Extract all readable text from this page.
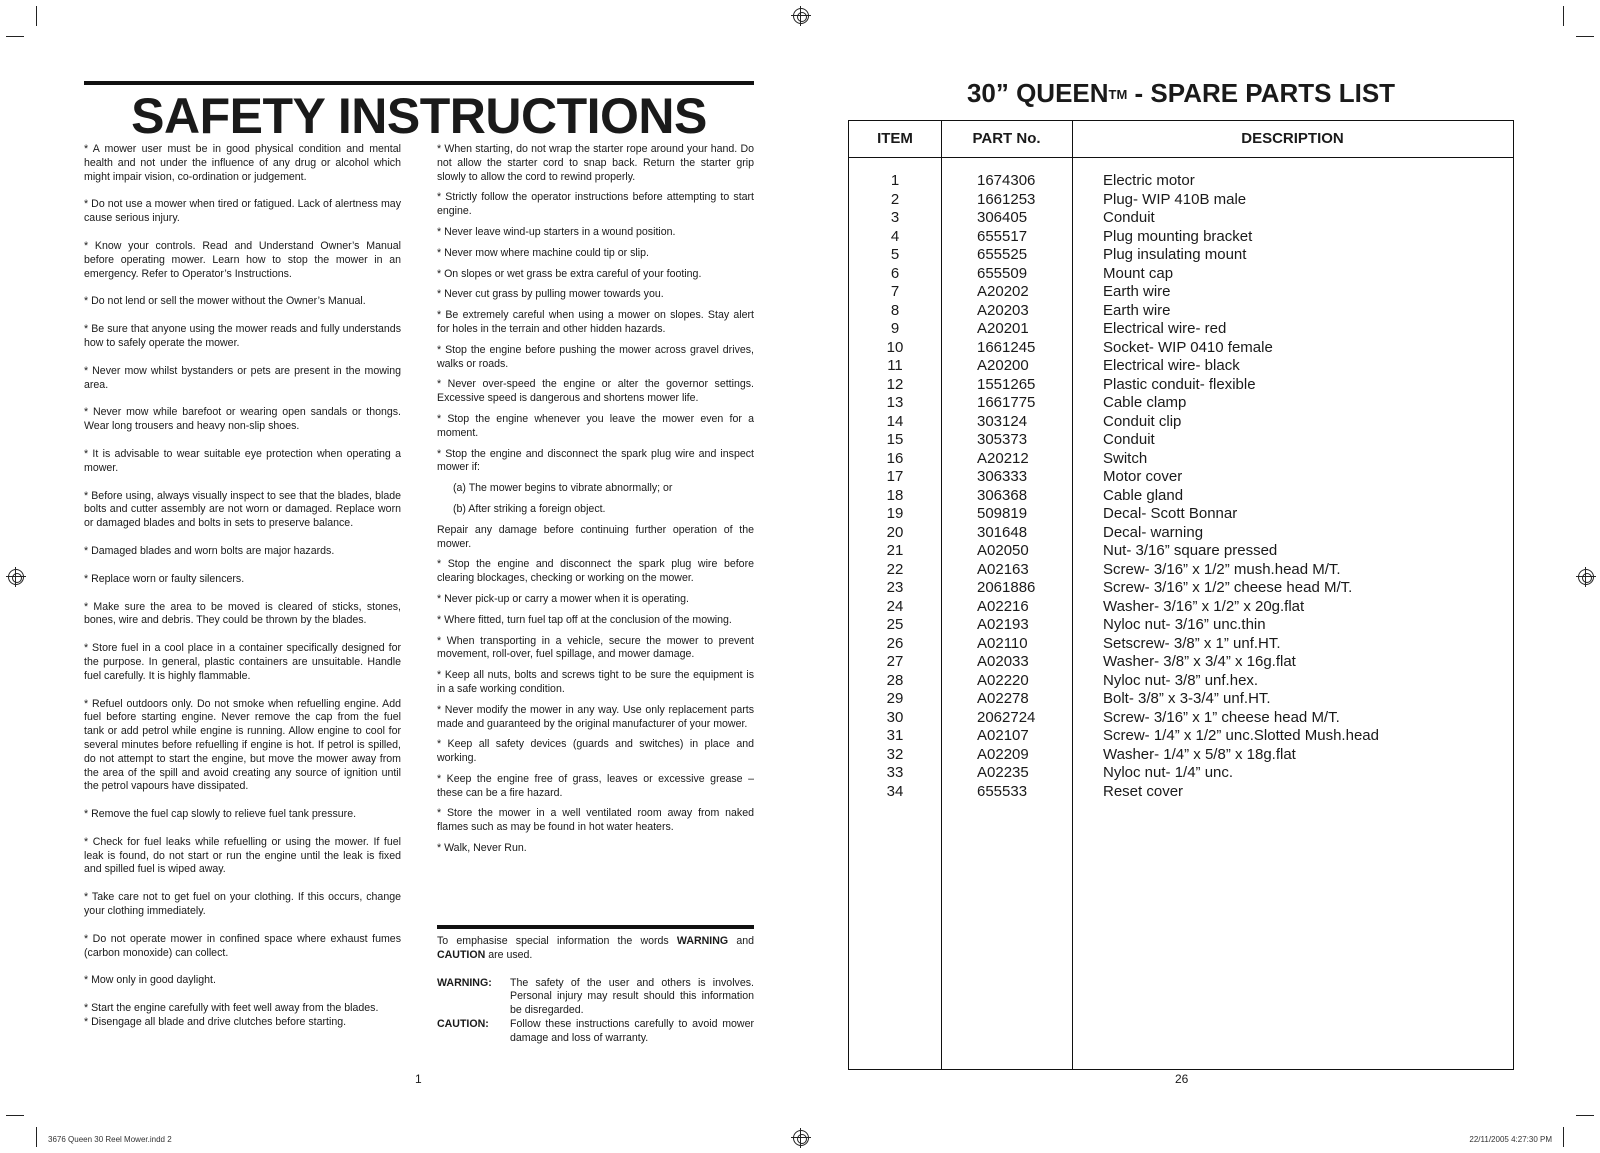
SAFETY INSTRUCTIONS

* A mower user must be in good physical condition and mental health and not under the influence of any drug or alcohol which might impair vision, co-ordination or judgement.

* Do not use a mower when tired or fatigued. Lack of alertness may cause serious injury.

* Know your controls. Read and Understand Owner’s Manual before operating mower. Learn how to stop the mower in an emergency. Refer to Operator’s Instructions.

* Do not lend or sell the mower without the Owner’s Manual.

* Be sure that anyone using the mower reads and fully understands how to safely operate the mower.

* Never mow whilst bystanders or pets are present in the mowing area.

* Never mow while barefoot or wearing open sandals or thongs. Wear long trousers and heavy non-slip shoes.

* It is advisable to wear suitable eye protection when operating a mower.

* Before using, always visually inspect to see that the blades, blade bolts and cutter assembly are not worn or damaged. Replace worn or damaged blades and bolts in sets to preserve balance.

* Damaged blades and worn bolts are major hazards.

* Replace worn or faulty silencers.

* Make sure the area to be moved is cleared of sticks, stones, bones, wire and debris. They could be thrown by the blades.

* Store fuel in a cool place in a container specifically designed for the purpose. In general, plastic containers are unsuitable. Handle fuel carefully. It is highly flammable.

* Refuel outdoors only. Do not smoke when refuelling engine. Add fuel before starting engine. Never remove the cap from the fuel tank or add petrol while engine is running. Allow engine to cool for several minutes before refuelling if engine is hot. If petrol is spilled, do not attempt to start the engine, but move the mower away from the area of the spill and avoid creating any source of ignition until the petrol vapours have dissipated.

* Remove the fuel cap slowly to relieve fuel tank pressure.

* Check for fuel leaks while refuelling or using the mower. If fuel leak is found, do not start or run the engine until the leak is fixed and spilled fuel is wiped away.

* Take care not to get fuel on your clothing. If this occurs, change your clothing immediately.

* Do not operate mower in confined space where exhaust fumes (carbon monoxide) can collect.

* Mow only in good daylight.

* Start the engine carefully with feet well away from the blades.

* Disengage all blade and drive clutches before starting.

* When starting, do not wrap the starter rope around your hand. Do not allow the starter cord to snap back. Return the starter grip slowly to allow the cord to rewind properly.

* Strictly follow the operator instructions before attempting to start engine.

* Never leave wind-up starters in a wound position.

* Never mow where machine could tip or slip.

* On slopes or wet grass be extra careful of your footing.

* Never cut grass by pulling mower towards you.

* Be extremely careful when using a mower on slopes. Stay alert for holes in the terrain and other hidden hazards.

* Stop the engine before pushing the mower across gravel drives, walks or roads.

* Never over-speed the engine or alter the governor settings. Excessive speed is dangerous and shortens mower life.

* Stop the engine whenever you leave the mower even for a moment.

* Stop the engine and disconnect the spark plug wire and inspect mower if:

(a) The mower begins to vibrate abnormally; or

(b) After striking a foreign object.

Repair any damage before continuing further operation of the mower.

* Stop the engine and disconnect the spark plug wire before clearing blockages, checking or working on the mower.

* Never pick-up or carry a mower when it is operating.

* Where fitted, turn fuel tap off at the conclusion of the mowing.

* When transporting in a vehicle, secure the mower to prevent movement, roll-over, fuel spillage, and mower damage.

* Keep all nuts, bolts and screws tight to be sure the equipment is in a safe working condition.

* Never modify the mower in any way. Use only replacement parts made and guaranteed by the original manufacturer of your mower.

* Keep all safety devices (guards and switches) in place and working.

* Keep the engine free of grass, leaves or excessive grease – these can be a fire hazard.

* Store the mower in a well ventilated room away from naked flames such as may be found in hot water heaters.

* Walk, Never Run.

To emphasise special information the words WARNING and CAUTION are used.

WARNING:	The safety of the user and others is involves. Personal injury may result should this information be disregarded.
CAUTION:	Follow these instructions carefully to avoid mower damage and loss of warranty.
1
30” QUEEN™ - SPARE PARTS LIST
ITEM	PART No.	DESCRIPTION
1	1674306	Electric motor
2	1661253	Plug- WIP 410B male
3	306405	Conduit
4	655517	Plug mounting bracket
5	655525	Plug insulating mount
6	655509	Mount cap
7	A20202	Earth wire
8	A20203	Earth wire
9	A20201	Electrical wire- red
10	1661245	Socket- WIP 0410 female
11	A20200	Electrical wire- black
12	1551265	Plastic conduit- flexible
13	1661775	Cable clamp
14	303124	Conduit clip
15	305373	Conduit
16	A20212	Switch
17	306333	Motor cover
18	306368	Cable gland
19	509819	Decal- Scott Bonnar
20	301648	Decal- warning
21	A02050	Nut- 3/16” square pressed
22	A02163	Screw- 3/16” x 1/2” mush.head M/T.
23	2061886	Screw- 3/16” x 1/2” cheese head M/T.
24	A02216	Washer- 3/16” x 1/2” x 20g.flat
25	A02193	Nyloc nut- 3/16” unc.thin
26	A02110	Setscrew- 3/8” x 1” unf.HT.
27	A02033	Washer- 3/8” x 3/4” x 16g.flat
28	A02220	Nyloc nut- 3/8” unf.hex.
29	A02278	Bolt- 3/8” x 3-3/4” unf.HT.
30	2062724	Screw- 3/16” x 1” cheese head M/T.
31	A02107	Screw- 1/4” x 1/2” unc.Slotted Mush.head
32	A02209	Washer- 1/4” x 5/8” x 18g.flat
33	A02235	Nyloc nut- 1/4” unc.
34	655533	Reset cover
26
3676 Queen 30 Reel Mower.indd 2	22/11/2005 4:27:30 PM
